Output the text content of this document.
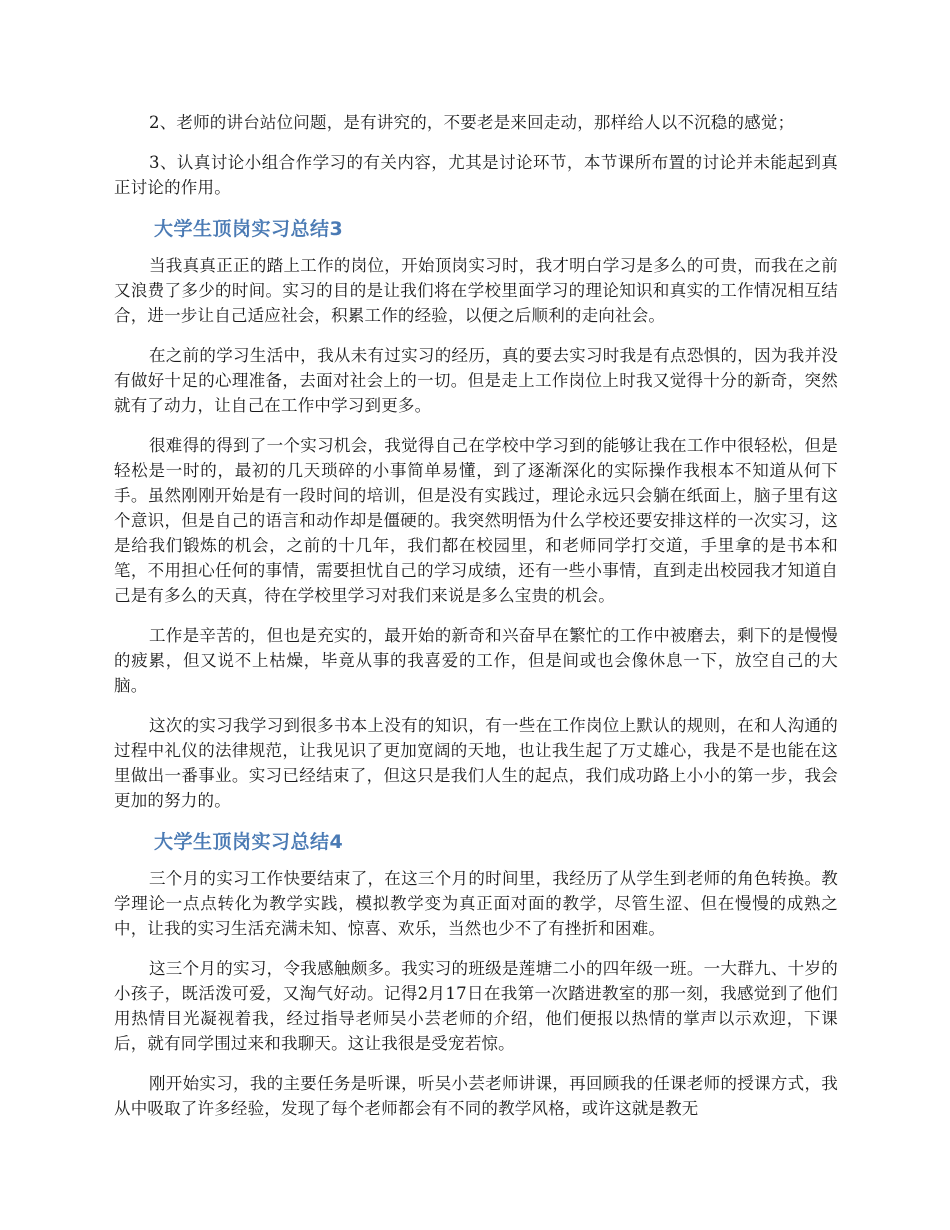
2、老师的讲台站位问题，是有讲究的，不要老是来回走动，那样给人以不沉稳的感觉；

3、认真讨论小组合作学习的有关内容，尤其是讨论环节，本节课所布置的讨论并未能起到真正讨论的作用。

大学生顶岗实习总结3

当我真真正正的踏上工作的岗位，开始顶岗实习时，我才明白学习是多么的可贵，而我在之前又浪费了多少的时间。实习的目的是让我们将在学校里面学习的理论知识和真实的工作情况相互结合，进一步让自己适应社会，积累工作的经验，以便之后顺利的走向社会。

在之前的学习生活中，我从未有过实习的经历，真的要去实习时我是有点恐惧的，因为我并没有做好十足的心理准备，去面对社会上的一切。但是走上工作岗位上时我又觉得十分的新奇，突然就有了动力，让自己在工作中学习到更多。

很难得的得到了一个实习机会，我觉得自己在学校中学习到的能够让我在工作中很轻松，但是轻松是一时的，最初的几天琐碎的小事简单易懂，到了逐渐深化的实际操作我根本不知道从何下手。虽然刚刚开始是有一段时间的培训，但是没有实践过，理论永远只会躺在纸面上，脑子里有这个意识，但是自己的语言和动作却是僵硬的。我突然明悟为什么学校还要安排这样的一次实习，这是给我们锻炼的机会，之前的十几年，我们都在校园里，和老师同学打交道，手里拿的是书本和笔，不用担心任何的事情，需要担忧自己的学习成绩，还有一些小事情，直到走出校园我才知道自己是有多么的天真，待在学校里学习对我们来说是多么宝贵的机会。

工作是辛苦的，但也是充实的，最开始的新奇和兴奋早在繁忙的工作中被磨去，剩下的是慢慢的疲累，但又说不上枯燥，毕竟从事的我喜爱的工作，但是间或也会像休息一下，放空自己的大脑。

这次的实习我学习到很多书本上没有的知识，有一些在工作岗位上默认的规则，在和人沟通的过程中礼仪的法律规范，让我见识了更加宽阔的天地，也让我生起了万丈雄心，我是不是也能在这里做出一番事业。实习已经结束了，但这只是我们人生的起点，我们成功路上小小的第一步，我会更加的努力的。

大学生顶岗实习总结4

三个月的实习工作快要结束了，在这三个月的时间里，我经历了从学生到老师的角色转换。教学理论一点点转化为教学实践，模拟教学变为真正面对面的教学，尽管生涩、但在慢慢的成熟之中，让我的实习生活充满未知、惊喜、欢乐，当然也少不了有挫折和困难。

这三个月的实习，令我感触颇多。我实习的班级是莲塘二小的四年级一班。一大群九、十岁的小孩子，既活泼可爱，又淘气好动。记得2月17日在我第一次踏进教室的那一刻，我感觉到了他们用热情目光凝视着我，经过指导老师吴小芸老师的介绍，他们便报以热情的掌声以示欢迎，下课后，就有同学围过来和我聊天。这让我很是受宠若惊。

刚开始实习，我的主要任务是听课，听吴小芸老师讲课，再回顾我的任课老师的授课方式，我从中吸取了许多经验，发现了每个老师都会有不同的教学风格，或许这就是教无
